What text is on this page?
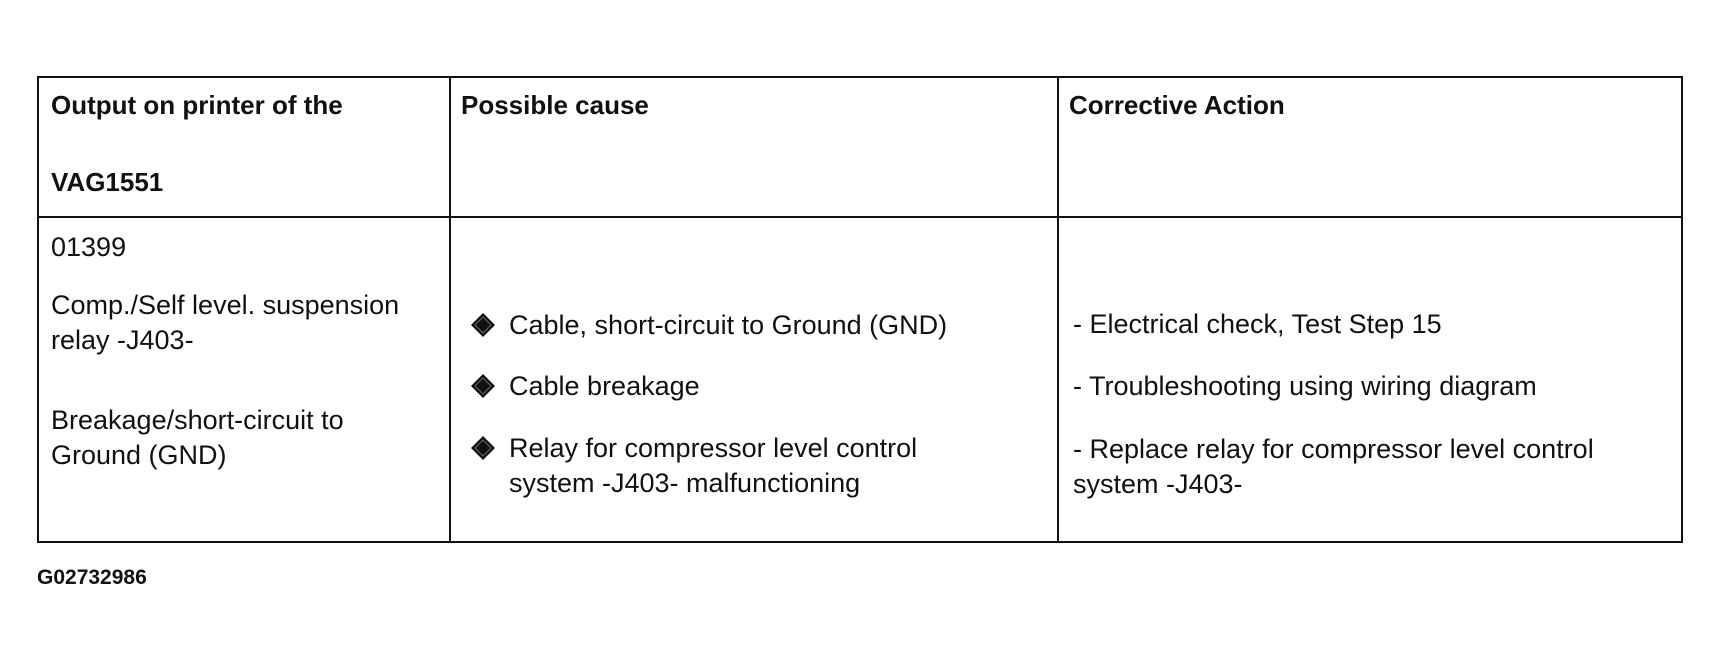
Output on printer of the
VAG1551
Possible cause	Corrective Action
01399
Comp./Self level. suspension
relay -J403-
Breakage/short-circuit to
Ground (GND)
Cable, short-circuit to Ground (GND)
Cable breakage
Relay for compressor level control
system -J403- malfunctioning
- Electrical check, Test Step 15
- Troubleshooting using wiring diagram
- Replace relay for compressor level control
system -J403-
G02732986
